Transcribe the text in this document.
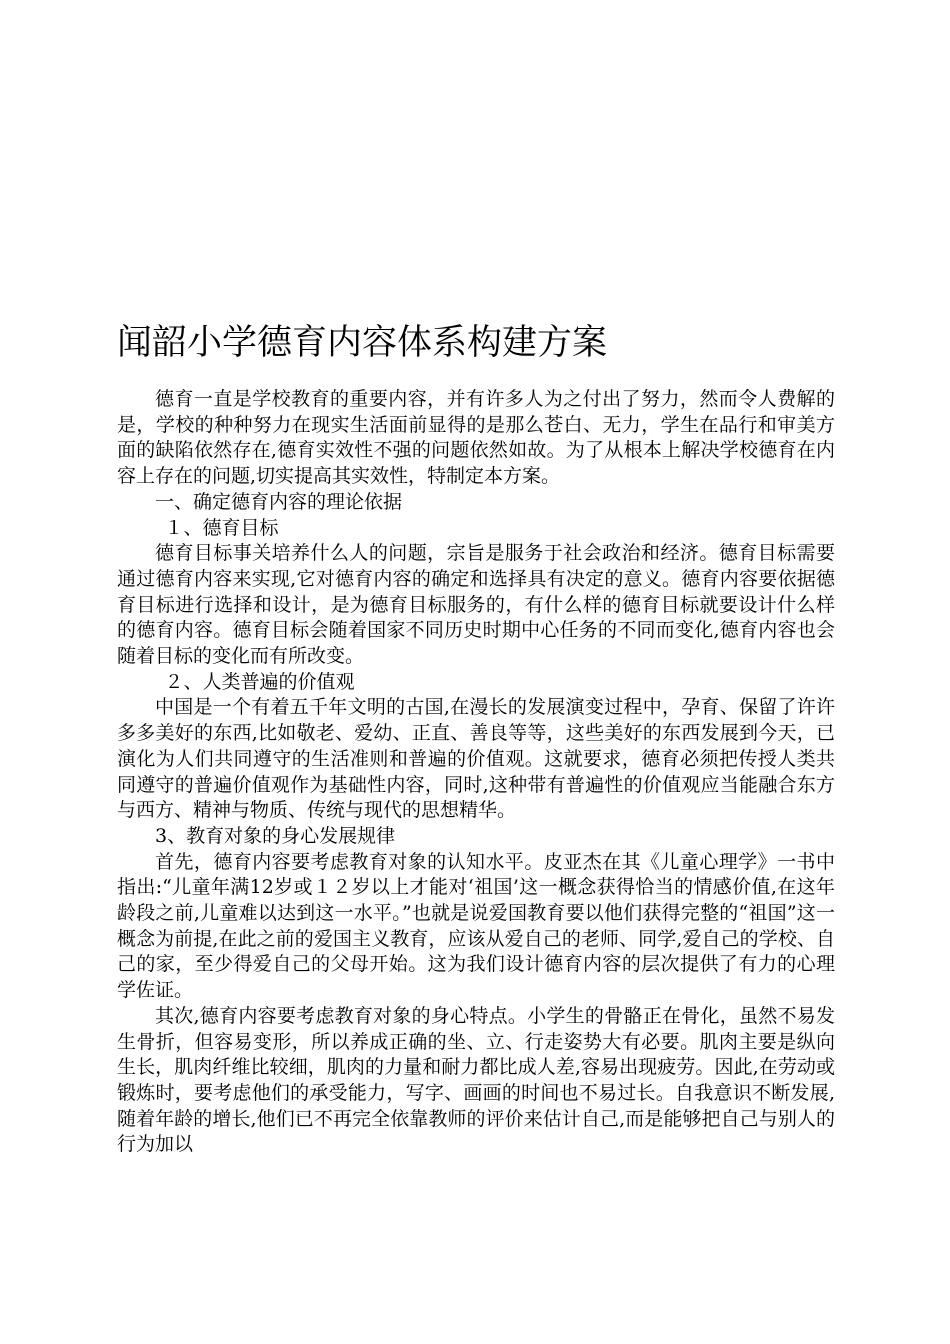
闻韶小学德育内容体系构建方案

德育一直是学校教育的重要内容，并有许多人为之付出了努力，然而令人费解的是，学校的种种努力在现实生活面前显得的是那么苍白、无力，学生在品行和审美方面的缺陷依然存在,德育实效性不强的问题依然如故。为了从根本上解决学校德育在内容上存在的问题,切实提高其实效性，特制定本方案。

一、确定德育内容的理论依据

１、德育目标

德育目标事关培养什么人的问题，宗旨是服务于社会政治和经济。德育目标需要通过德育内容来实现,它对德育内容的确定和选择具有决定的意义。德育内容要依据德育目标进行选择和设计，是为德育目标服务的，有什么样的德育目标就要设计什么样的德育内容。德育目标会随着国家不同历史时期中心任务的不同而变化,德育内容也会随着目标的变化而有所改变。

２、人类普遍的价值观

中国是一个有着五千年文明的古国,在漫长的发展演变过程中，孕育、保留了许许多多美好的东西,比如敬老、爱幼、正直、善良等等，这些美好的东西发展到今天，已演化为人们共同遵守的生活准则和普遍的价值观。这就要求，德育必须把传授人类共同遵守的普遍价值观作为基础性内容，同时,这种带有普遍性的价值观应当能融合东方与西方、精神与物质、传统与现代的思想精华。

3、教育对象的身心发展规律

首先，德育内容要考虑教育对象的认知水平。皮亚杰在其《儿童心理学》一书中指出:“儿童年满12岁或１２岁以上才能对‘祖国’这一概念获得恰当的情感价值,在这年龄段之前,儿童难以达到这一水平。”也就是说爱国教育要以他们获得完整的“祖国”这一概念为前提,在此之前的爱国主义教育，应该从爱自己的老师、同学,爱自己的学校、自己的家，至少得爱自己的父母开始。这为我们设计德育内容的层次提供了有力的心理学佐证。

其次,德育内容要考虑教育对象的身心特点。小学生的骨骼正在骨化，虽然不易发生骨折，但容易变形，所以养成正确的坐、立、行走姿势大有必要。肌肉主要是纵向生长，肌肉纤维比较细，肌肉的力量和耐力都比成人差,容易出现疲劳。因此,在劳动或锻炼时，要考虑他们的承受能力，写字、画画的时间也不易过长。自我意识不断发展,随着年龄的增长,他们已不再完全依靠教师的评价来估计自己,而是能够把自己与别人的行为加以
